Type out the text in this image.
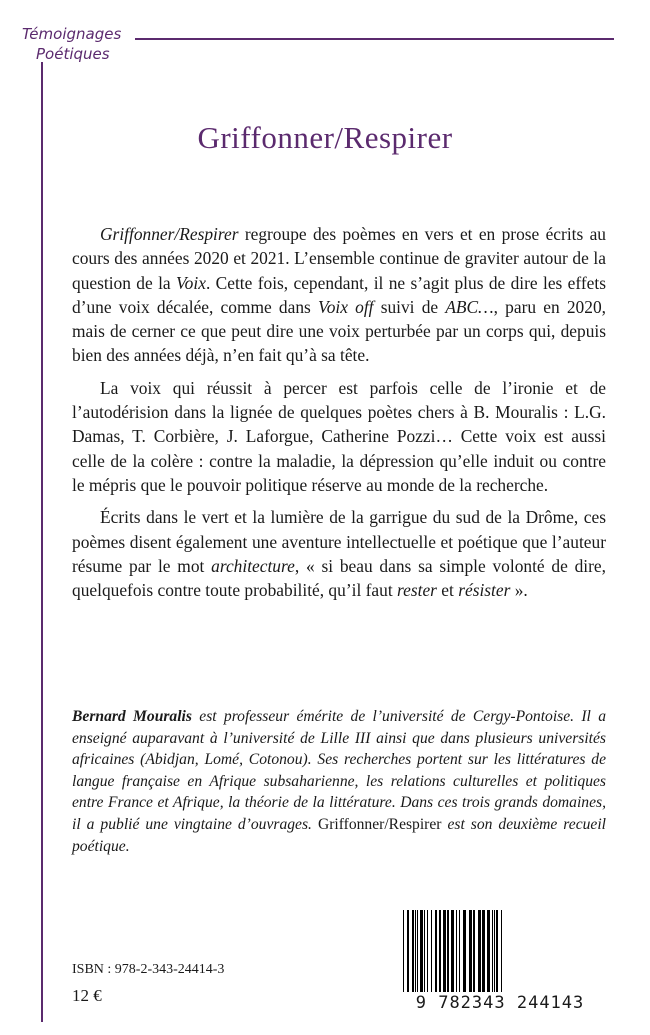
Témoignages
Poétiques
Griffonner/Respirer

Griffonner/Respirer regroupe des poèmes en vers et en prose écrits au cours des années 2020 et 2021. L’ensemble continue de graviter autour de la question de la Voix. Cette fois, cependant, il ne s’agit plus de dire les effets d’une voix décalée, comme dans Voix off suivi de ABC…, paru en 2020, mais de cerner ce que peut dire une voix perturbée par un corps qui, depuis bien des années déjà, n’en fait qu’à sa tête.

La voix qui réussit à percer est parfois celle de l’ironie et de l’autodérision dans la lignée de quelques poètes chers à B. Mouralis : L.G. Damas, T. Corbière, J. Laforgue, Catherine Pozzi… Cette voix est aussi celle de la colère : contre la maladie, la dépression qu’elle induit ou contre le mépris que le pouvoir politique réserve au monde de la recherche.

Écrits dans le vert et la lumière de la garrigue du sud de la Drôme, ces poèmes disent également une aventure intellectuelle et poétique que l’auteur résume par le mot architecture, « si beau dans sa simple volonté de dire, quelquefois contre toute probabilité, qu’il faut rester et résister ».

Bernard Mouralis est professeur émérite de l’université de Cergy-Pontoise. Il a enseigné auparavant à l’université de Lille III ainsi que dans plusieurs universités africaines (Abidjan, Lomé, Cotonou). Ses recherches portent sur les littératures de langue française en Afrique subsaharienne, les relations culturelles et politiques entre France et Afrique, la théorie de la littérature. Dans ces trois grands domaines, il a publié une vingtaine d’ouvrages. Griffonner/Respirer est son deuxième recueil poétique.
ISBN : 978-2-343-24414-3
12 €	9 782343 244143
